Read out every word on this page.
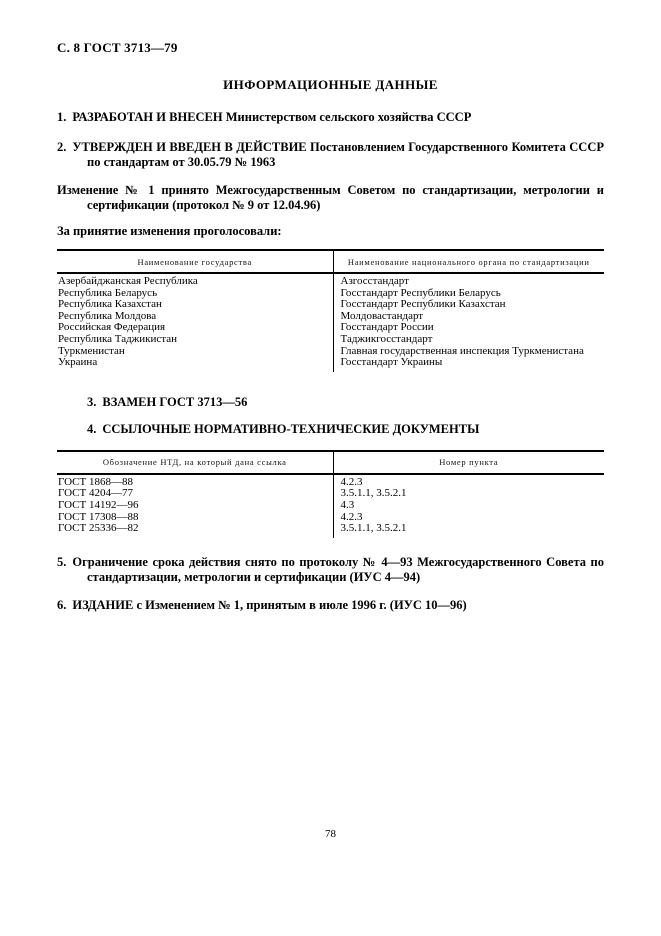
С. 8 ГОСТ 3713—79
ИНФОРМАЦИОННЫЕ ДАННЫЕ
1. РАЗРАБОТАН И ВНЕСЕН Министерством сельского хозяйства СССР
2. УТВЕРЖДЕН И ВВЕДЕН В ДЕЙСТВИЕ Постановлением Государственного Комитета СССР по стандартам от 30.05.79 № 1963
Изменение № 1 принято Межгосударственным Советом по стандартизации, метрологии и сертификации (протокол № 9 от 12.04.96)
За принятие изменения проголосовали:
Наименование государства	Наименование национального органа по стандартизации
Азербайджанская Республика	Азгосстандарт
Республика Беларусь	Госстандарт Республики Беларусь
Республика Казахстан	Госстандарт Республики Казахстан
Республика Молдова	Молдовастандарт
Российская Федерация	Госстандарт России
Республика Таджикистан	Таджикгосстандарт
Туркменистан	Главная государственная инспекция Туркменистана
Украина	Госстандарт Украины
3. ВЗАМЕН ГОСТ 3713—56
4. ССЫЛОЧНЫЕ НОРМАТИВНО-ТЕХНИЧЕСКИЕ ДОКУМЕНТЫ
Обозначение НТД, на который дана ссылка	Номер пункта
ГОСТ 1868—88	4.2.3
ГОСТ 4204—77	3.5.1.1, 3.5.2.1
ГОСТ 14192—96	4.3
ГОСТ 17308—88	4.2.3
ГОСТ 25336—82	3.5.1.1, 3.5.2.1
5. Ограничение срока действия снято по протоколу № 4—93 Межгосударственного Совета по стандартизации, метрологии и сертификации (ИУС 4—94)
6. ИЗДАНИЕ с Изменением № 1, принятым в июле 1996 г. (ИУС 10—96)
78
